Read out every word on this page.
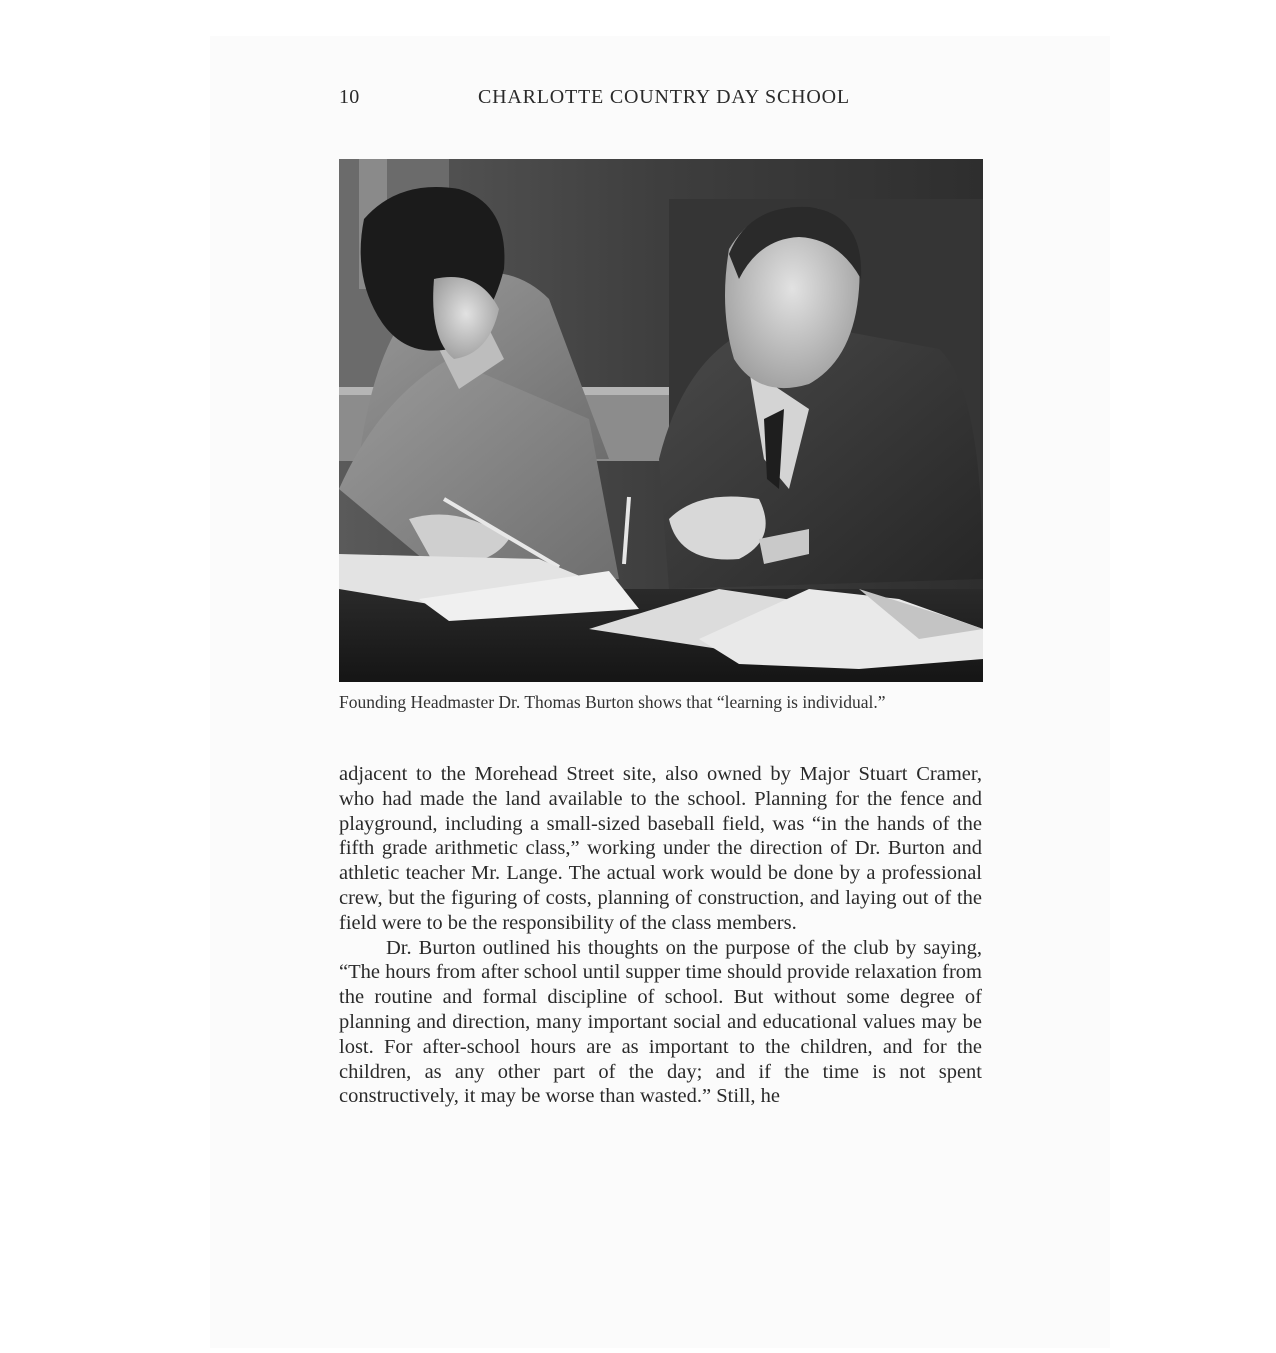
10	CHARLOTTE COUNTRY DAY SCHOOL
Founding Headmaster Dr. Thomas Burton shows that “learning is individual.”

adjacent to the Morehead Street site, also owned by Major Stuart Cramer, who had made the land available to the school. Planning for the fence and playground, including a small-sized baseball field, was “in the hands of the fifth grade arithmetic class,” working under the direction of Dr. Burton and athletic teacher Mr. Lange. The actual work would be done by a professional crew, but the figuring of costs, planning of construction, and laying out of the field were to be the responsibility of the class members.

Dr. Burton outlined his thoughts on the purpose of the club by saying, “The hours from after school until supper time should provide relaxation from the routine and formal discipline of school. But without some degree of planning and direction, many important social and educational values may be lost. For after-school hours are as important to the children, and for the children, as any other part of the day; and if the time is not spent constructively, it may be worse than wasted.” Still, he
